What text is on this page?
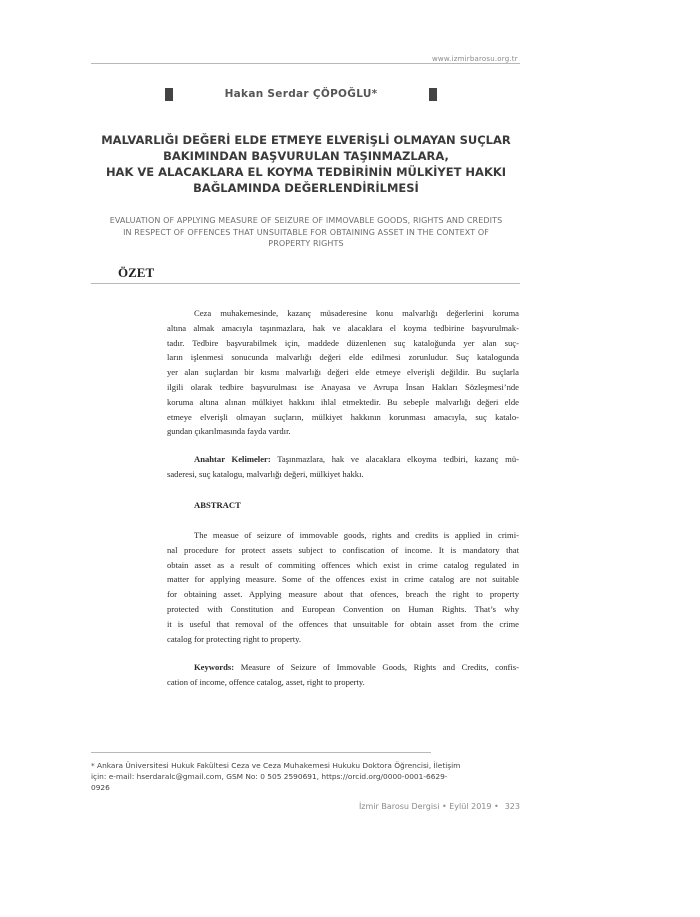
www.izmirbarosu.org.tr
Hakan Serdar ÇÖPOĞLU*
MALVARLIĞI DEĞERİ ELDE ETMEYE ELVERİŞLİ OLMAYAN SUÇLAR
BAKIMINDAN BAŞVURULAN TAŞINMAZLARA,
HAK VE ALACAKLARA EL KOYMA TEDBİRİNİN MÜLKİYET HAKKI
BAĞLAMINDA DEĞERLENDİRİLMESİ
EVALUATION OF APPLYING MEASURE OF SEIZURE OF IMMOVABLE GOODS, RIGHTS AND CREDITS
IN RESPECT OF OFFENCES THAT UNSUITABLE FOR OBTAINING ASSET IN THE CONTEXT OF
PROPERTY RIGHTS
ÖZET
Ceza muhakemesinde, kazanç müsaderesine konu malvarlığı değerlerini koruma
altına almak amacıyla taşınmazlara, hak ve alacaklara el koyma tedbirine başvurulmak-
tadır. Tedbire başvurabilmek için, maddede düzenlenen suç kataloğunda yer alan suç-
ların işlenmesi sonucunda malvarlığı değeri elde edilmesi zorunludur. Suç katalogunda
yer alan suçlardan bir kısmı malvarlığı değeri elde etmeye elverişli değildir. Bu suçlarla
ilgili olarak tedbire başvurulması ise Anayasa ve Avrupa İnsan Hakları Sözleşmesi’nde
koruma altına alınan mülkiyet hakkını ihlal etmektedir. Bu sebeple malvarlığı değeri elde
etmeye elverişli olmayan suçların, mülkiyet hakkının korunması amacıyla, suç katalo-
gundan çıkarılmasında fayda vardır.
Anahtar Kelimeler: Taşınmazlara, hak ve alacaklara elkoyma tedbiri, kazanç mü-
saderesi, suç katalogu, malvarlığı değeri, mülkiyet hakkı.
ABSTRACT
The measue of seizure of immovable goods, rights and credits is applied in crimi-
nal procedure for protect assets subject to confiscation of income. It is mandatory that
obtain asset as a result of commiting offences which exist in crime catalog regulated in
matter for applying measure. Some of the offences exist in crime catalog are not suitable
for obtaining asset. Applying measure about that ofences, breach the right to property
protected with Constitution and European Convention on Human Rights. That’s why
it is useful that removal of the offences that unsuitable for obtain asset from the crime
catalog for protecting right to property.
Keywords: Measure of Seizure of Immovable Goods, Rights and Credits, confis-
cation of income, offence catalog, asset, right to property.
* Ankara Üniversitesi Hukuk Fakültesi Ceza ve Ceza Muhakemesi Hukuku Doktora Öğrencisi, İletişim
için: e-mail: hserdaralc@gmail.com, GSM No: 0 505 2590691, https://orcid.org/0000-0001-6629-
0926
İzmir Barosu Dergisi • Eylül 2019 • 323
